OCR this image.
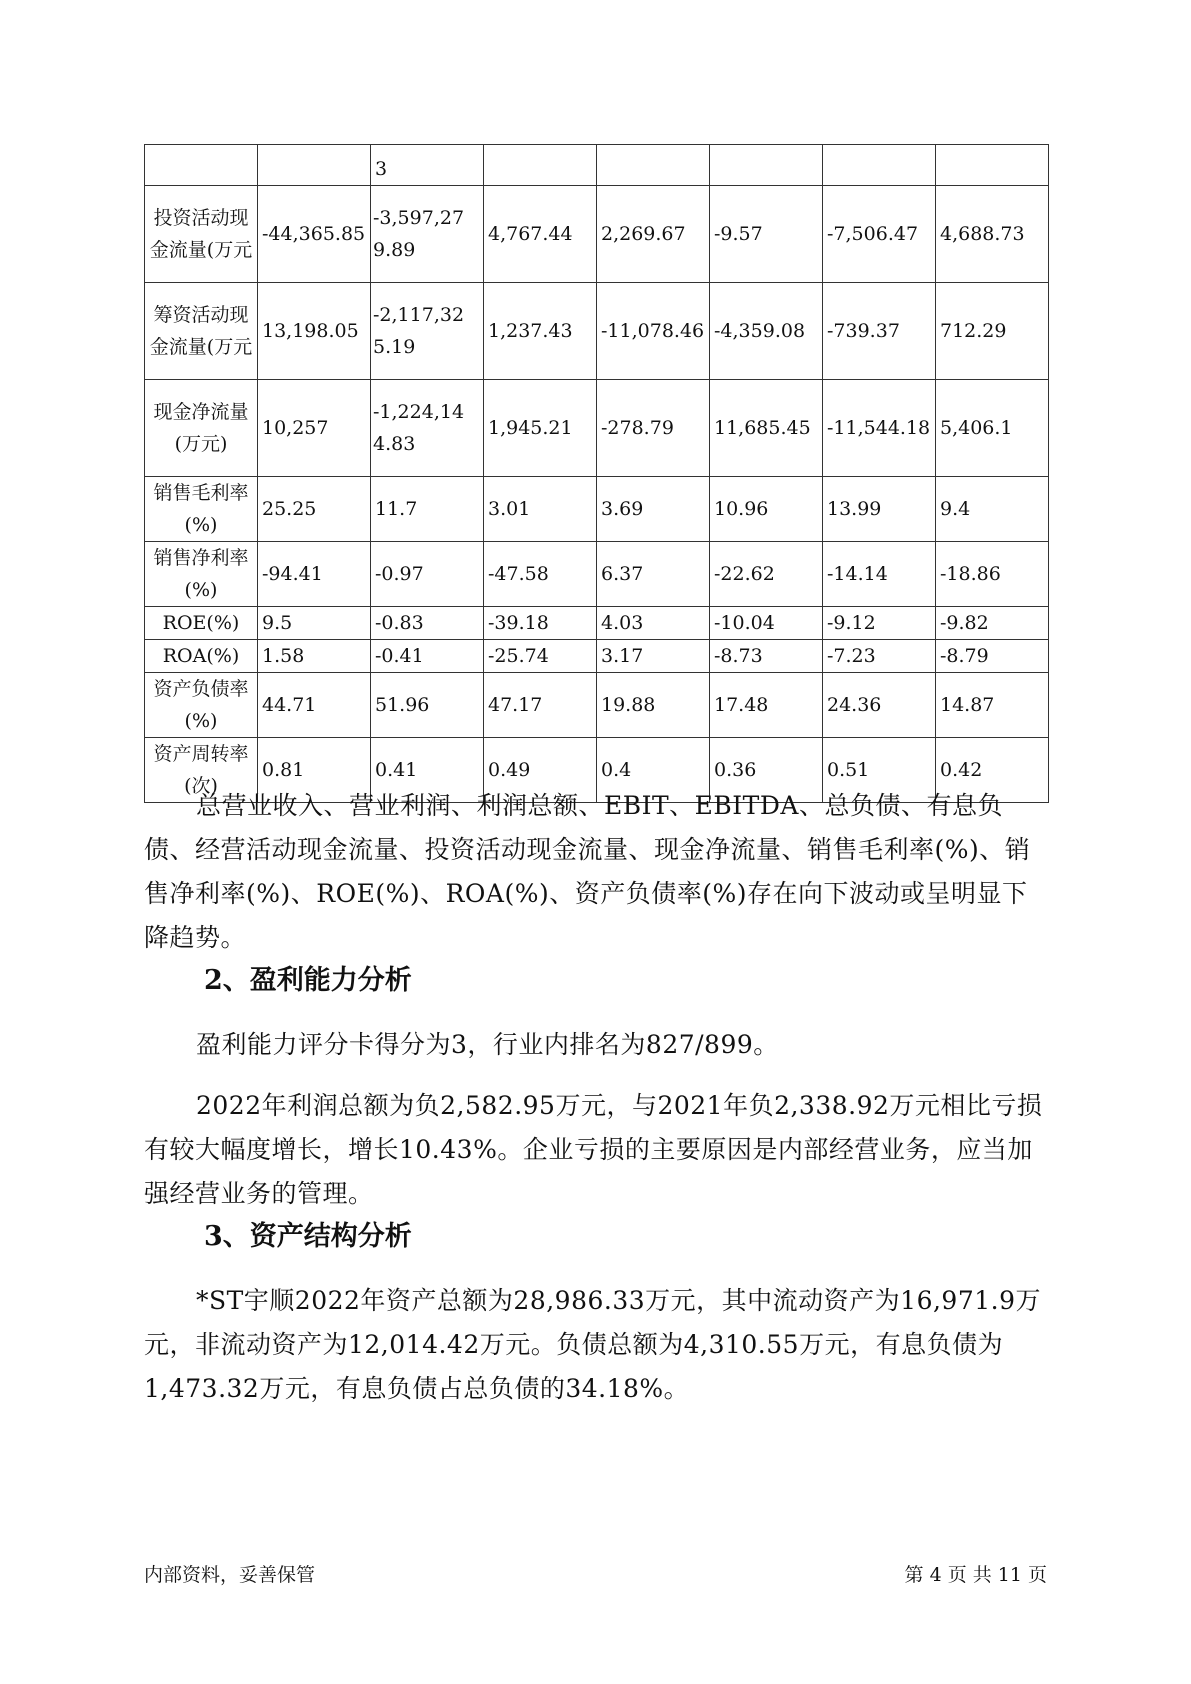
		3					

投资活动现金流量(万元	-44,365.85	-3,597,279.89	4,767.44	2,269.67	-9.57	-7,506.47	4,688.73
筹资活动现金流量(万元	13,198.05	-2,117,325.19	1,237.43	-11,078.46	-4,359.08	-739.37	712.29
现金净流量(万元)	10,257	-1,224,144.83	1,945.21	-278.79	11,685.45	-11,544.18	5,406.1
销售毛利率(%)	25.25	11.7	3.01	3.69	10.96	13.99	9.4
销售净利率(%)	-94.41	-0.97	-47.58	6.37	-22.62	-14.14	-18.86
ROE(%)	9.5	-0.83	-39.18	4.03	-10.04	-9.12	-9.82
ROA(%)	1.58	-0.41	-25.74	3.17	-8.73	-7.23	-8.79
资产负债率(%)	44.71	51.96	47.17	19.88	17.48	24.36	14.87
资产周转率(次)	0.81	0.41	0.49	0.4	0.36	0.51	0.42

总营业收入、营业利润、利润总额、EBIT、EBITDA、总负债、有息负债、经营活动现金流量、投资活动现金流量、现金净流量、销售毛利率(%)、销售净利率(%)、ROE(%)、ROA(%)、资产负债率(%)存在向下波动或呈明显下降趋势。

2、盈利能力分析

盈利能力评分卡得分为3，行业内排名为827/899。

2022年利润总额为负2,582.95万元，与2021年负2,338.92万元相比亏损有较大幅度增长，增长10.43%。企业亏损的主要原因是内部经营业务，应当加强经营业务的管理。

3、资产结构分析

*ST宇顺2022年资产总额为28,986.33万元，其中流动资产为16,971.9万元，非流动资产为12,014.42万元。负债总额为4,310.55万元，有息负债为1,473.32万元，有息负债占总负债的34.18%。

内部资料，妥善保管	第 4 页 共 11 页
